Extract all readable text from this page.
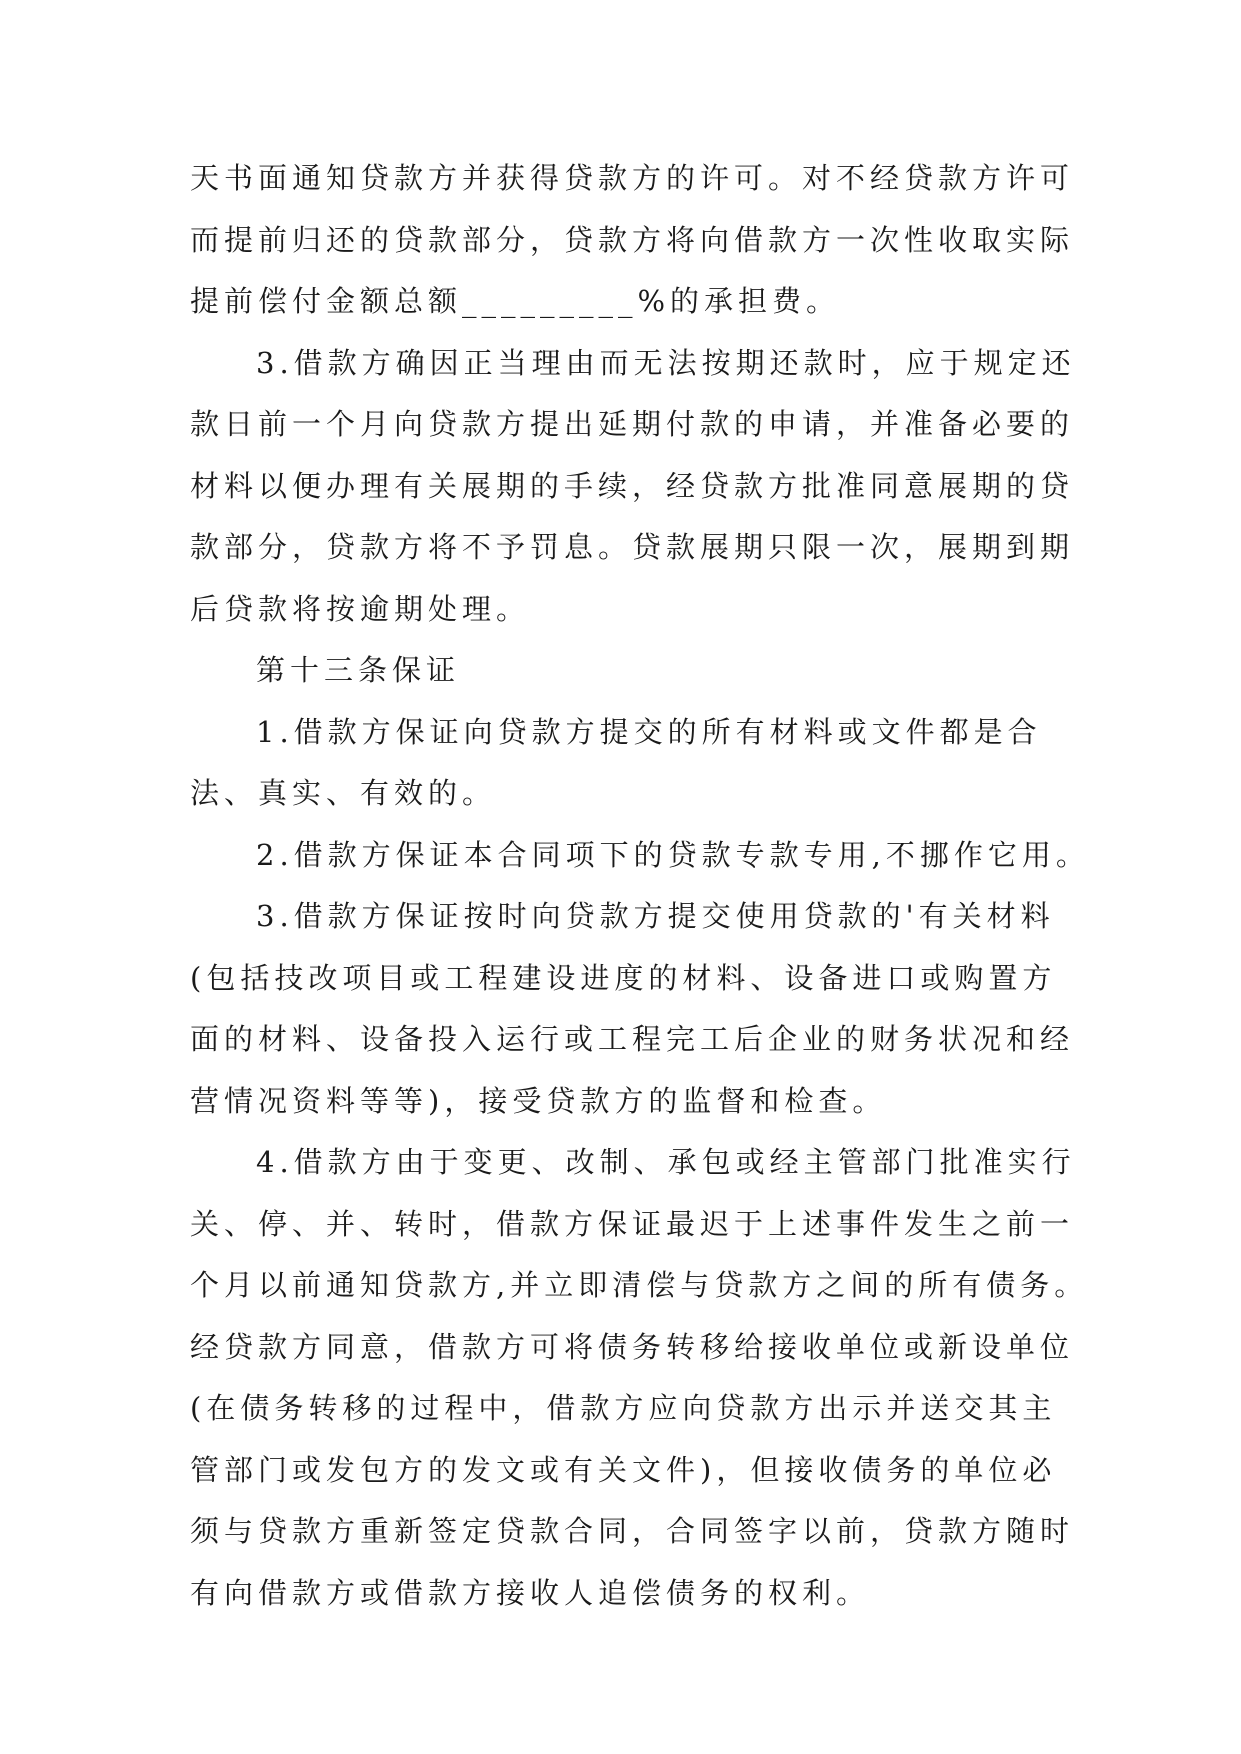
天书面通知贷款方并获得贷款方的许可。对不经贷款方许可
而提前归还的贷款部分，贷款方将向借款方一次性收取实际
提前偿付金额总额_________%的承担费。
3.借款方确因正当理由而无法按期还款时，应于规定还
款日前一个月向贷款方提出延期付款的申请，并准备必要的
材料以便办理有关展期的手续，经贷款方批准同意展期的贷
款部分，贷款方将不予罚息。贷款展期只限一次，展期到期
后贷款将按逾期处理。
第十三条保证
1.借款方保证向贷款方提交的所有材料或文件都是合
法、真实、有效的。
2.借款方保证本合同项下的贷款专款专用,不挪作它用。
3.借款方保证按时向贷款方提交使用贷款的'有关材料
(包括技改项目或工程建设进度的材料、设备进口或购置方
面的材料、设备投入运行或工程完工后企业的财务状况和经
营情况资料等等)，接受贷款方的监督和检查。
4.借款方由于变更、改制、承包或经主管部门批准实行
关、停、并、转时，借款方保证最迟于上述事件发生之前一
个月以前通知贷款方,并立即清偿与贷款方之间的所有债务。
经贷款方同意，借款方可将债务转移给接收单位或新设单位
(在债务转移的过程中，借款方应向贷款方出示并送交其主
管部门或发包方的发文或有关文件)，但接收债务的单位必
须与贷款方重新签定贷款合同，合同签字以前，贷款方随时
有向借款方或借款方接收人追偿债务的权利。
